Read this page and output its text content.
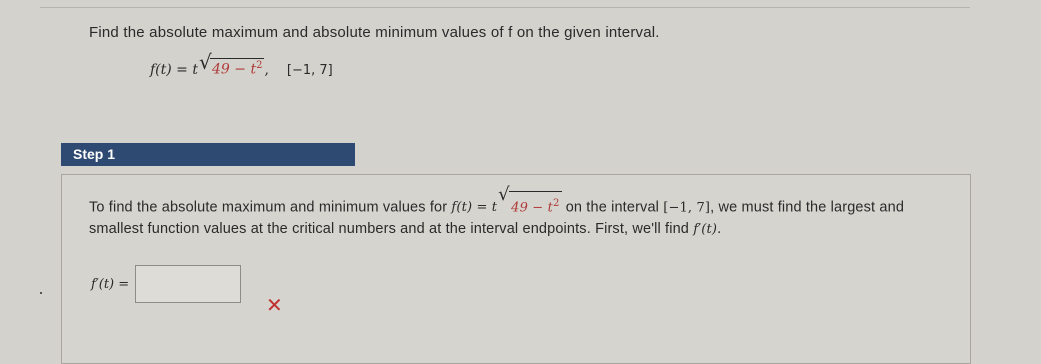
Find the absolute maximum and absolute minimum values of f on the given interval.
f(t) = t √ $49 - t^2$ , [−1, 7]
Step 1
To find the absolute maximum and minimum values for f(t) = t
√
$49 - t^2$ on the interval [−1, 7], we must find the largest and smallest function values at the critical numbers and at the interval endpoints. First, we'll find f′(t).
f′(t) =
✕
